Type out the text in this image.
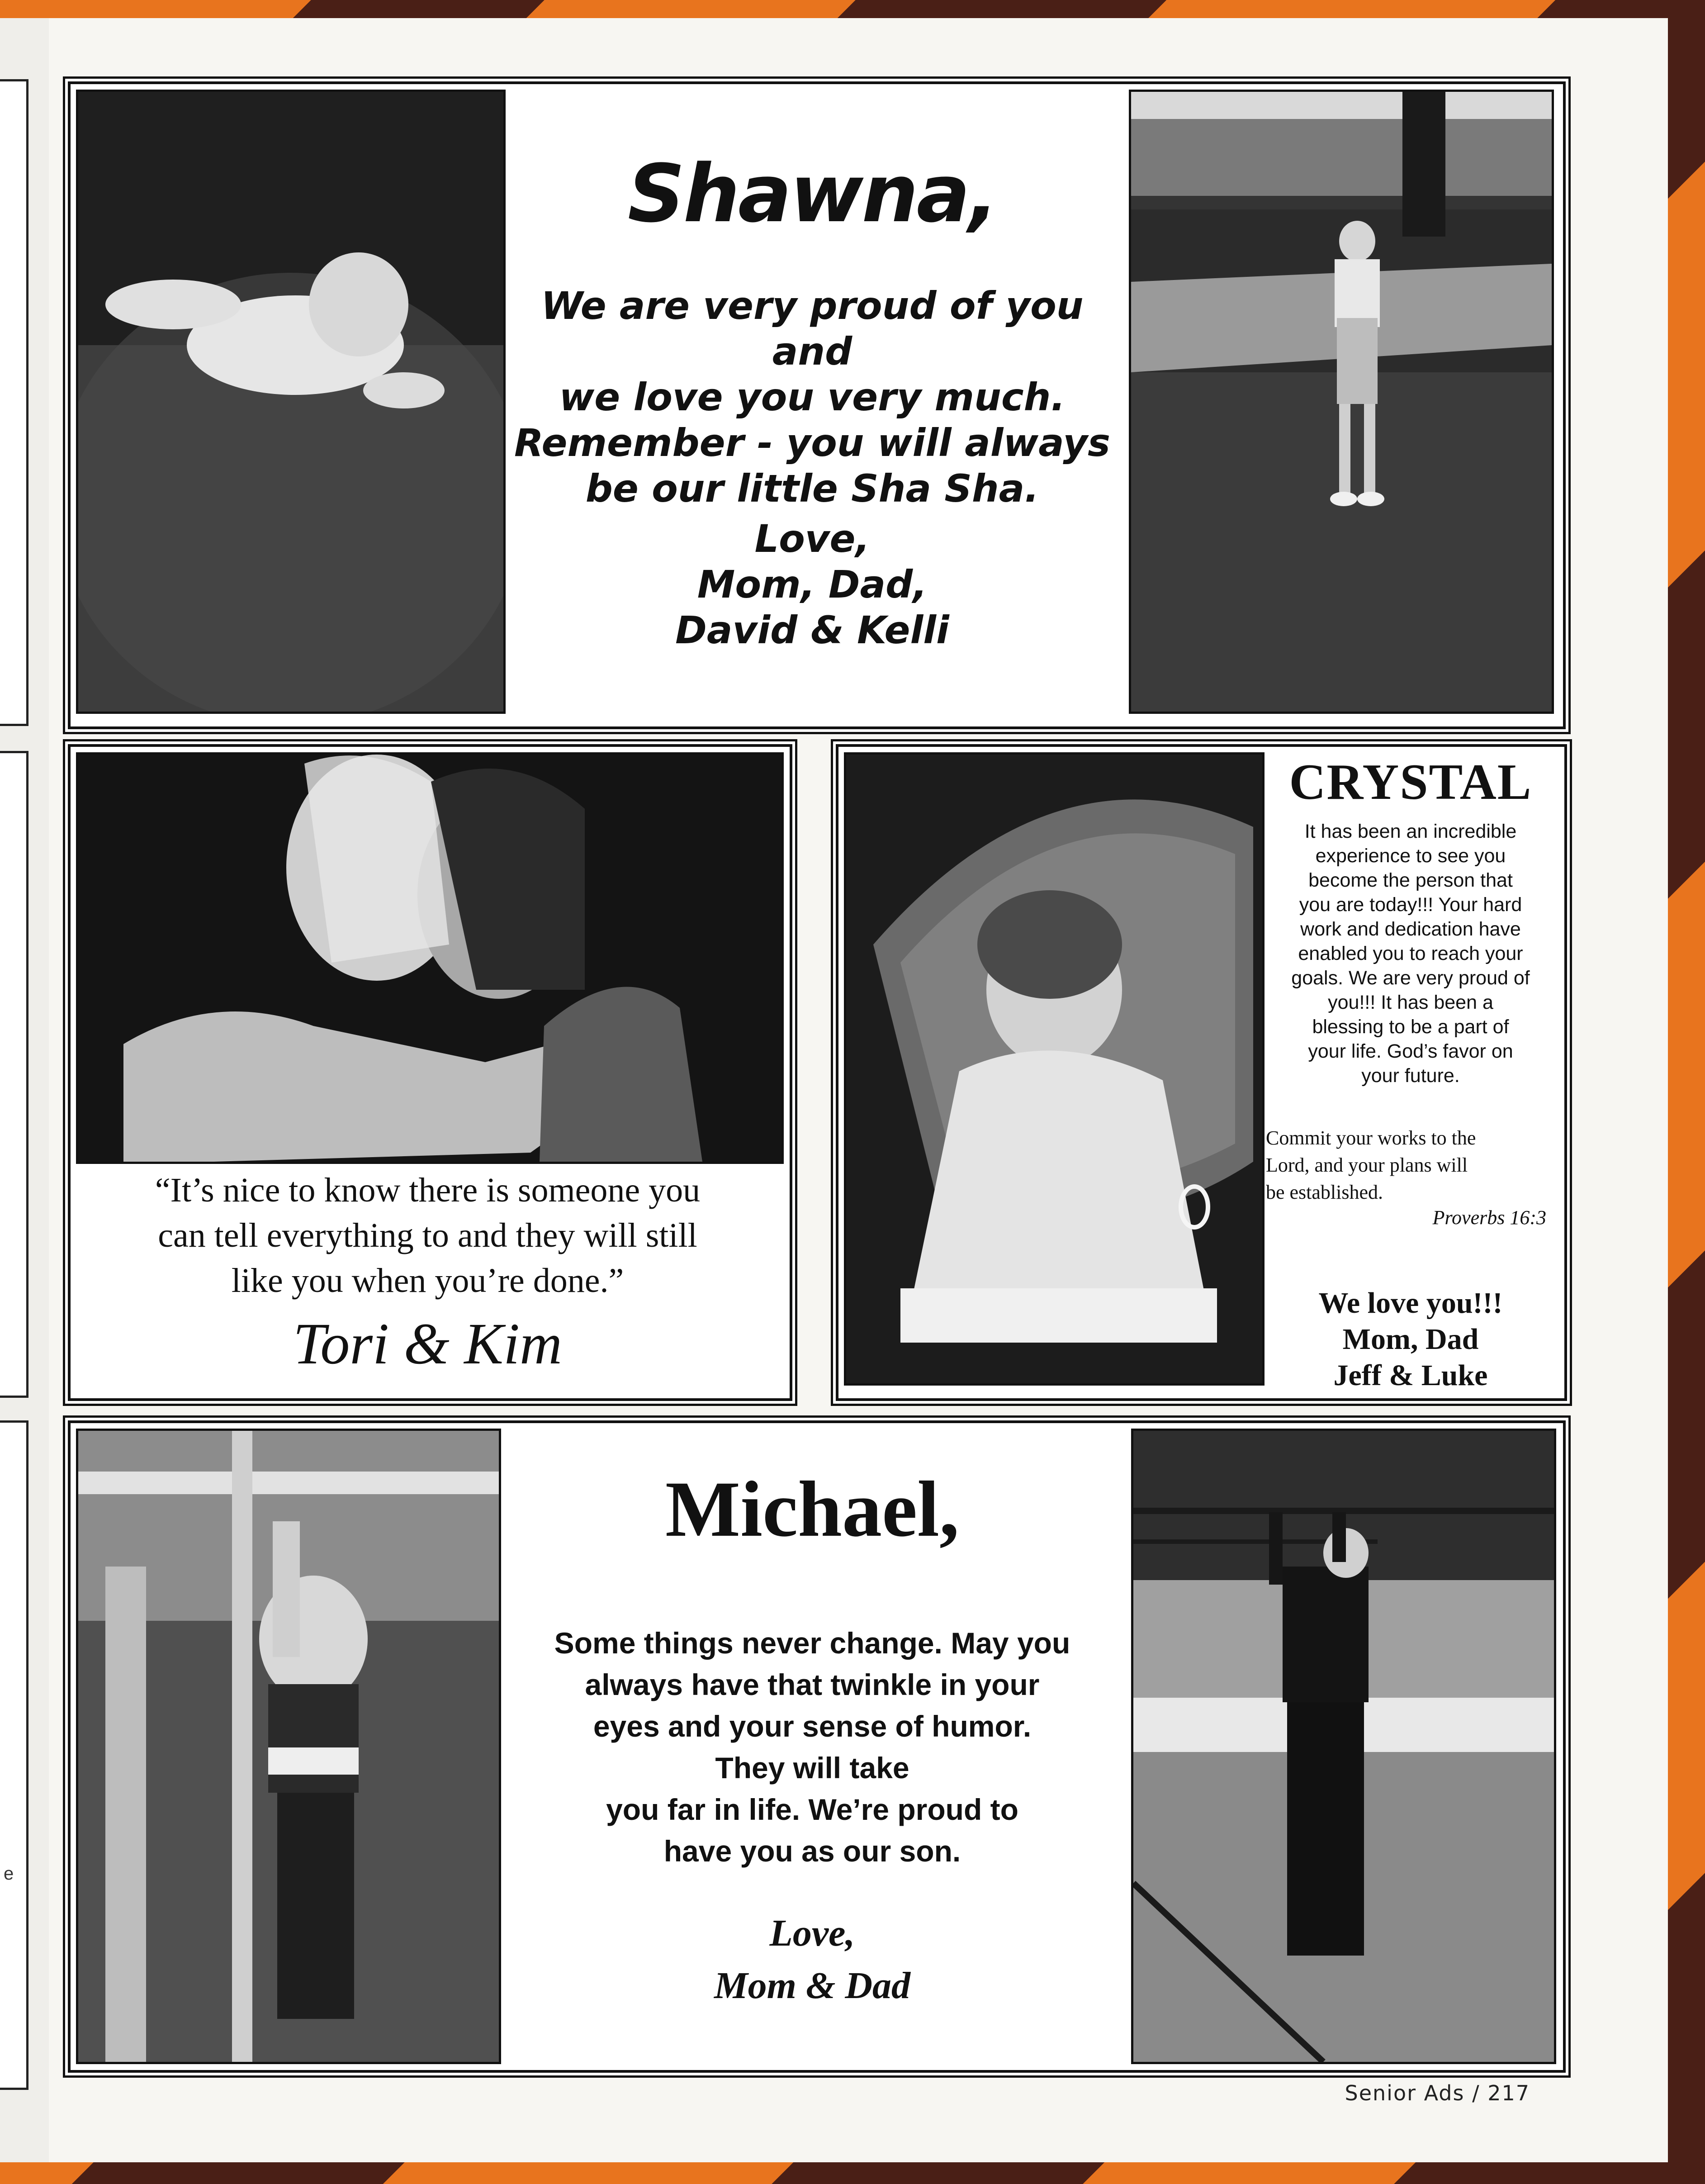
e
Shawna,
We are very proud of you and
we love you very much.
Remember - you will always
be our little Sha Sha.
Love,
Mom, Dad,
David & Kelli
“It’s nice to know there is someone you
can tell everything to and they will still
like you when you’re done.”
Tori & Kim
CRYSTAL
It has been an incredible
experience to see you
become the person that
you are today!!! Your hard
work and dedication have
enabled you to reach your
goals. We are very proud of
you!!! It has been a
blessing to be a part of
your life. God’s favor on
your future.
Commit your works to the
Lord, and your plans will
be established.
Proverbs 16:3
We love you!!!
Mom, Dad
Jeff & Luke
Michael,
Some things never change. May you
always have that twinkle in your
eyes and your sense of humor.
They will take
you far in life. We’re proud to
have you as our son.
Love,
Mom & Dad
Senior Ads / 217
